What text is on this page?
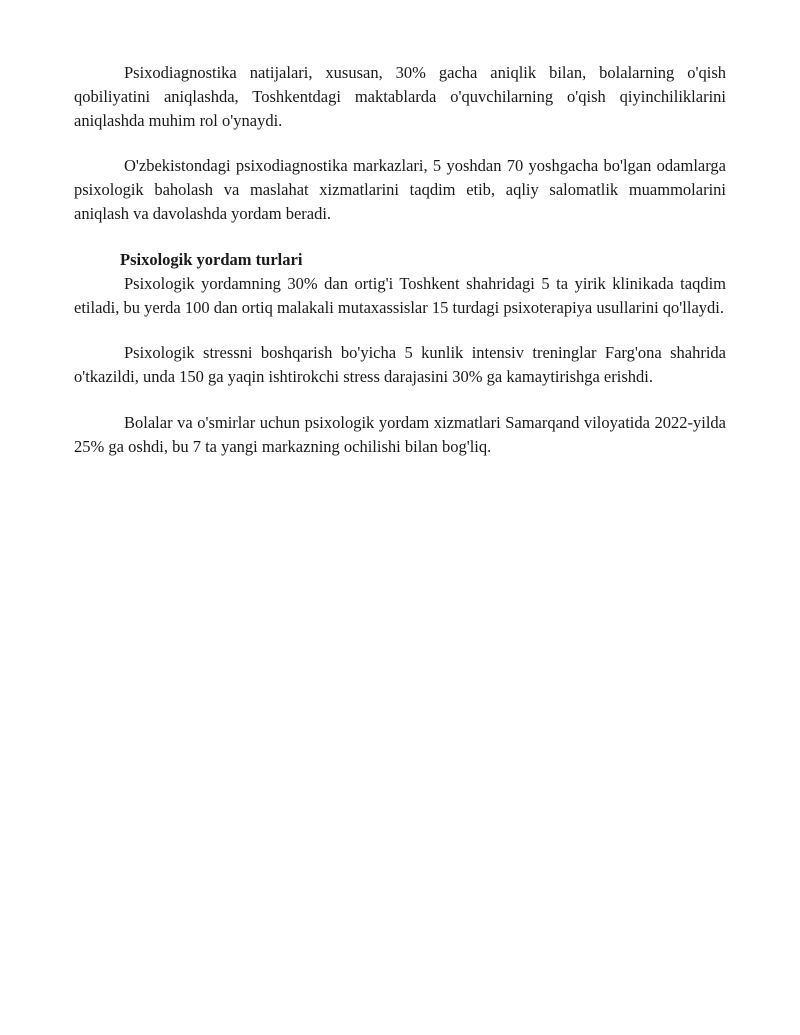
Psixodiagnostika natijalari, xususan, 30% gacha aniqlik bilan, bolalarning o'qish qobiliyatini aniqlashda, Toshkentdagi maktablarda o'quvchilarning o'qish qiyinchiliklarini aniqlashda muhim rol o'ynaydi.

O'zbekistondagi psixodiagnostika markazlari, 5 yoshdan 70 yoshgacha bo'lgan odamlarga psixologik baholash va maslahat xizmatlarini taqdim etib, aqliy salomatlik muammolarini aniqlash va davolashda yordam beradi.

Psixologik yordam turlari

Psixologik yordamning 30% dan ortig'i Toshkent shahridagi 5 ta yirik klinikada taqdim etiladi, bu yerda 100 dan ortiq malakali mutaxassislar 15 turdagi psixoterapiya usullarini qo'llaydi.

Psixologik stressni boshqarish bo'yicha 5 kunlik intensiv treninglar Farg'ona shahrida o'tkazildi, unda 150 ga yaqin ishtirokchi stress darajasini 30% ga kamaytirishga erishdi.

Bolalar va o'smirlar uchun psixologik yordam xizmatlari Samarqand viloyatida 2022-yilda 25% ga oshdi, bu 7 ta yangi markazning ochilishi bilan bog'liq.
